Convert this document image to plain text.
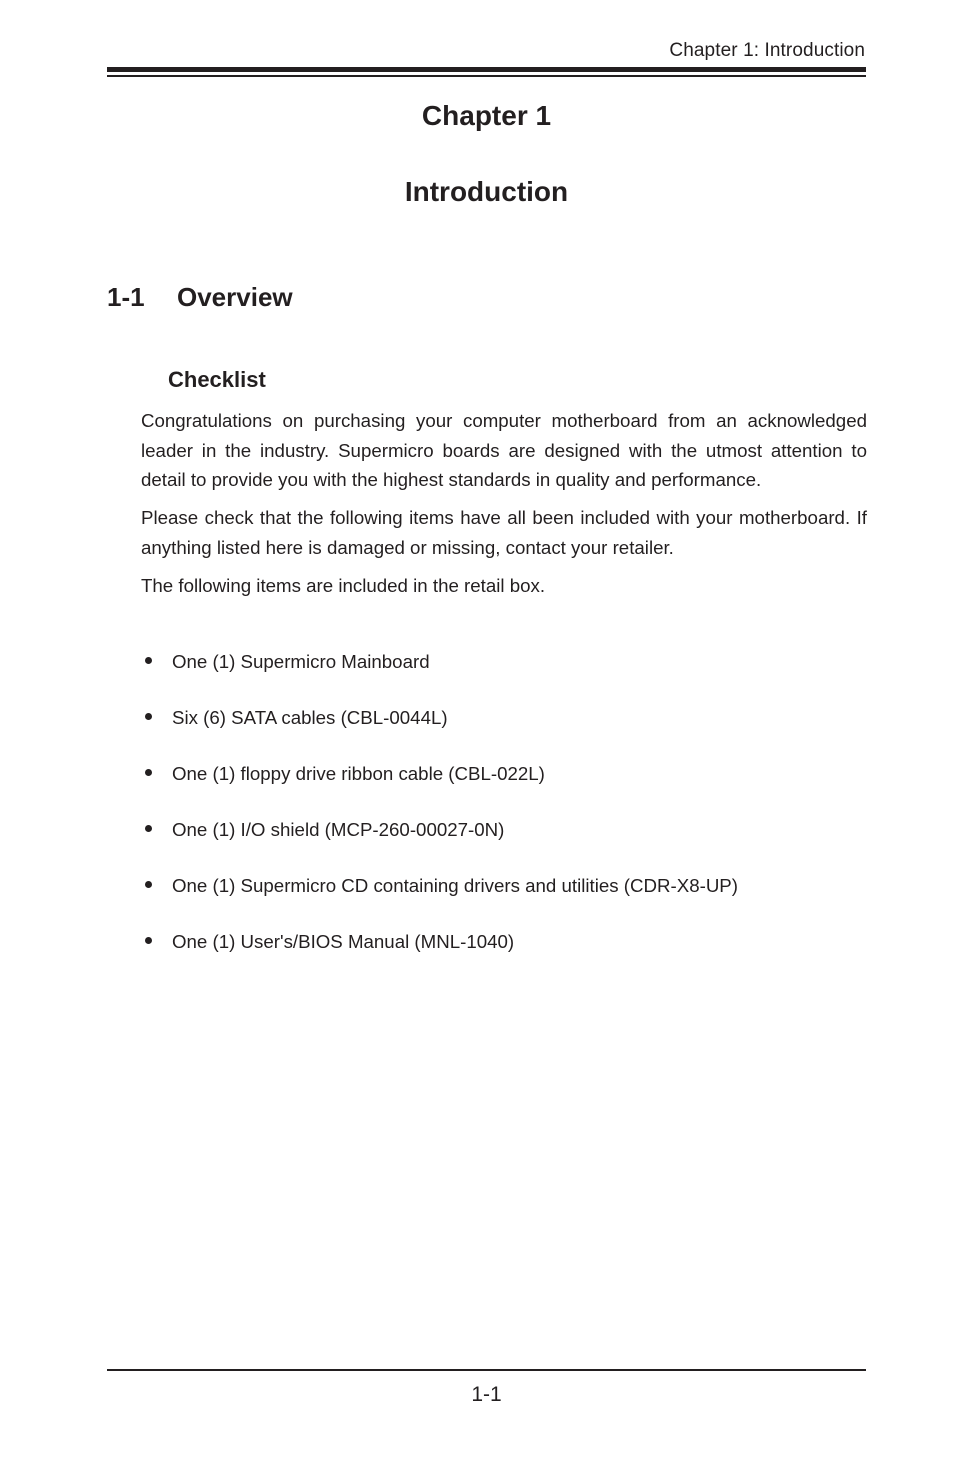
Chapter 1: Introduction
Chapter 1
Introduction
1-1 Overview
Checklist

Congratulations on purchasing your computer motherboard from an acknowledged leader in the industry. Supermicro boards are designed with the utmost attention to detail to provide you with the highest standards in quality and performance.

Please check that the following items have all been included with your motherboard. If anything listed here is damaged or missing, contact your retailer.

The following items are included in the retail box.

One (1) Supermicro Mainboard
Six (6) SATA cables (CBL-0044L)
One (1) floppy drive ribbon cable (CBL-022L)
One (1) I/O shield (MCP-260-00027-0N)
One (1) Supermicro CD containing drivers and utilities (CDR-X8-UP)
One (1) User's/BIOS Manual (MNL-1040)
1-1
